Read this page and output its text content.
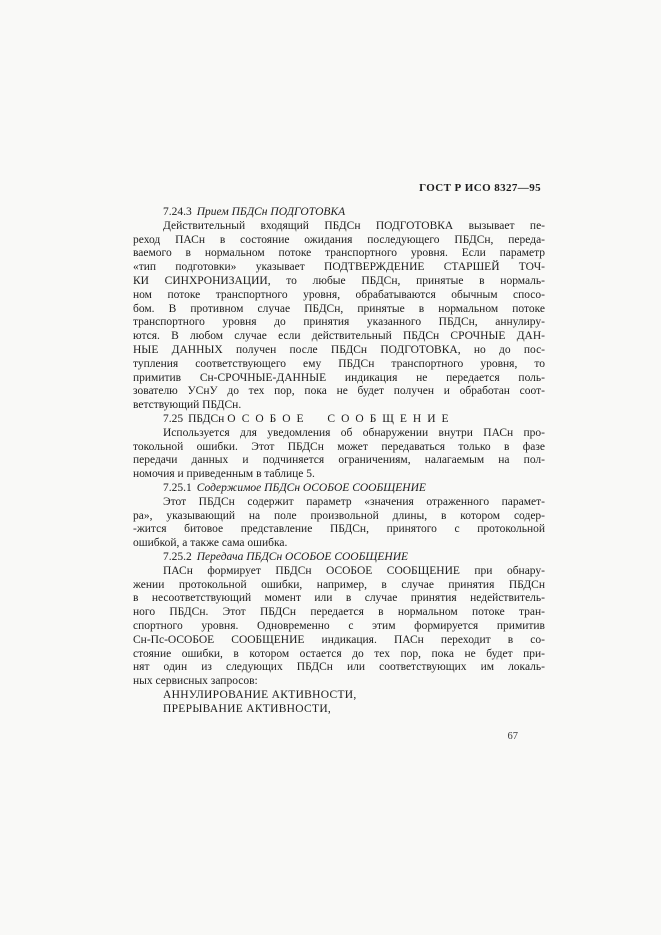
ГОСТ Р ИСО 8327—95
7.24.3 Прием ПБДСн ПОДГОТОВКА
Действительный входящий ПБДСн ПОДГОТОВКА вызывает пе-
реход ПАСн в состояние ожидания последующего ПБДСн, переда-
ваемого в нормальном потоке транспортного уровня. Если параметр
«тип подготовки» указывает ПОДТВЕРЖДЕНИЕ СТАРШЕЙ ТОЧ-
КИ СИНХРОНИЗАЦИИ, то любые ПБДСн, принятые в нормаль-
ном потоке транспортного уровня, обрабатываются обычным спосо-
бом. В противном случае ПБДСн, принятые в нормальном потоке
транспортного уровня до принятия указанного ПБДСн, аннулиру-
ются. В любом случае если действительный ПБДСн СРОЧНЫЕ ДАН-
НЫЕ ДАННЫХ получен после ПБДСн ПОДГОТОВКА, но до пос-
тупления соответствующего ему ПБДСн транспортного уровня, то
примитив Сн-СРОЧНЫЕ-ДАННЫЕ индикация не передается поль-
зователю УСнУ до тех пор, пока не будет получен и обработан соот-
ветствующий ПБДСн.
7.25 ПБДСн ОСОБОЕ СООБЩЕНИЕ
Используется для уведомления об обнаружении внутри ПАСн про-
токольной ошибки. Этот ПБДСн может передаваться только в фазе
передачи данных и подчиняется ограничениям, налагаемым на пол-
номочия и приведенным в таблице 5.
7.25.1 Содержимое ПБДСн ОСОБОЕ СООБЩЕНИЕ
Этот ПБДСн содержит параметр «значения отраженного парамет-
ра», указывающий на поле произвольной длины, в котором содер-
-жится битовое представление ПБДСн, принятого с протокольной
ошибкой, а также сама ошибка.
7.25.2 Передача ПБДСн ОСОБОЕ СООБЩЕНИЕ
ПАСн формирует ПБДСн ОСОБОЕ СООБЩЕНИЕ при обнару-
жении протокольной ошибки, например, в случае принятия ПБДСн
в несоответствующий момент или в случае принятия недействитель-
ного ПБДСн. Этот ПБДСн передается в нормальном потоке тран-
спортного уровня. Одновременно с этим формируется примитив
Сн-Пс-ОСОБОЕ СООБЩЕНИЕ индикация. ПАСн переходит в со-
стояние ошибки, в котором остается до тех пор, пока не будет при-
нят один из следующих ПБДСн или соответствующих им локаль-
ных сервисных запросов:
АННУЛИРОВАНИЕ АКТИВНОСТИ,
ПРЕРЫВАНИЕ АКТИВНОСТИ,
67
